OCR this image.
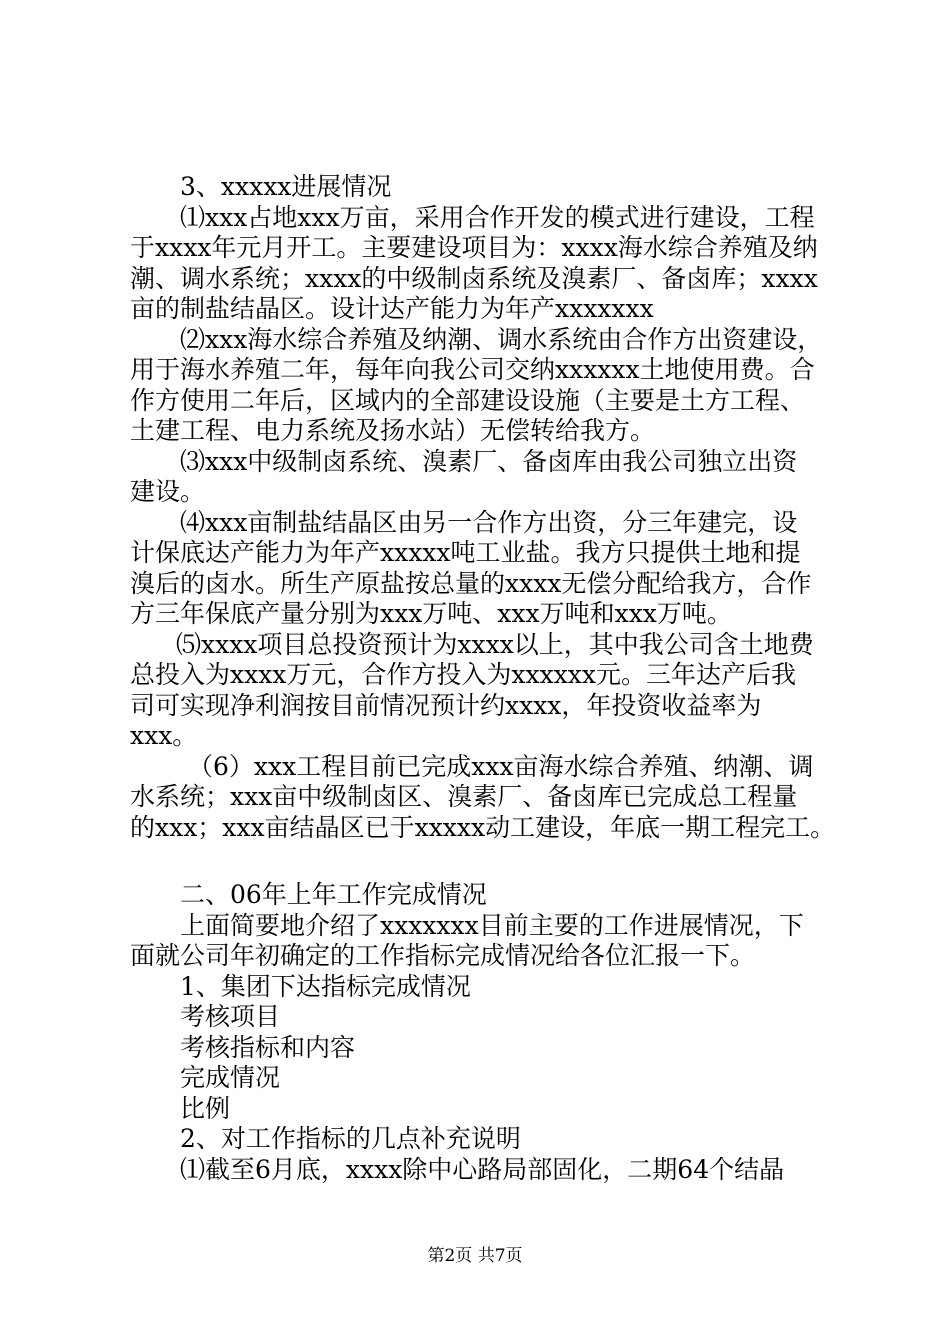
3、xxxxx进展情况
⑴xxx占地xxx万亩，采用合作开发的模式进行建设，工程
于xxxx年元月开工。主要建设项目为：xxxx海水综合养殖及纳
潮、调水系统；xxxx的中级制卤系统及溴素厂、备卤库；xxxx
亩的制盐结晶区。设计达产能力为年产xxxxxxx
⑵xxx海水综合养殖及纳潮、调水系统由合作方出资建设，
用于海水养殖二年，每年向我公司交纳xxxxxx土地使用费。合
作方使用二年后，区域内的全部建设设施（主要是土方工程、
土建工程、电力系统及扬水站）无偿转给我方。
⑶xxx中级制卤系统、溴素厂、备卤库由我公司独立出资
建设。
⑷xxx亩制盐结晶区由另一合作方出资，分三年建完，设
计保底达产能力为年产xxxxx吨工业盐。我方只提供土地和提
溴后的卤水。所生产原盐按总量的xxxx无偿分配给我方，合作
方三年保底产量分别为xxx万吨、xxx万吨和xxx万吨。
⑸xxxx项目总投资预计为xxxx以上，其中我公司含土地费
总投入为xxxx万元，合作方投入为xxxxxx元。三年达产后我
司可实现净利润按目前情况预计约xxxx，年投资收益率为
xxx。
（6）xxx工程目前已完成xxx亩海水综合养殖、纳潮、调
水系统；xxx亩中级制卤区、溴素厂、备卤库已完成总工程量
的xxx；xxx亩结晶区已于xxxxx动工建设，年底一期工程完工。
二、06年上年工作完成情况
上面简要地介绍了xxxxxxx目前主要的工作进展情况，下
面就公司年初确定的工作指标完成情况给各位汇报一下。
1、集团下达指标完成情况
考核项目
考核指标和内容
完成情况
比例
2、对工作指标的几点补充说明
⑴截至6月底，xxxx除中心路局部固化，二期64个结晶
第2页 共7页
